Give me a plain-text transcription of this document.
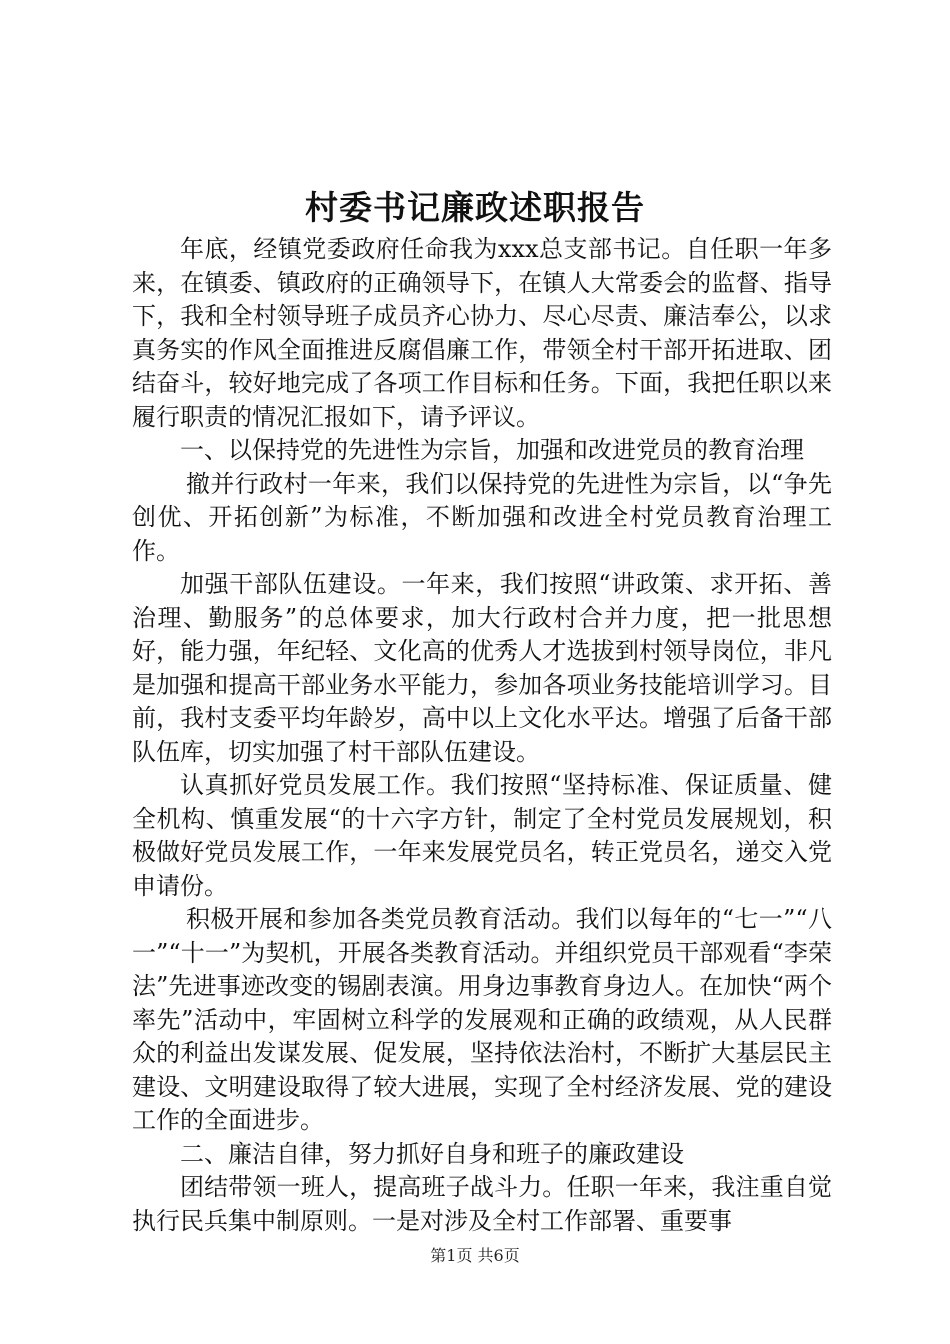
村委书记廉政述职报告

年底，经镇党委政府任命我为xxx总支部书记。自任职一年多来，在镇委、镇政府的正确领导下，在镇人大常委会的监督、指导下，我和全村领导班子成员齐心协力、尽心尽责、廉洁奉公，以求真务实的作风全面推进反腐倡廉工作，带领全村干部开拓进取、团结奋斗，较好地完成了各项工作目标和任务。下面，我把任职以来履行职责的情况汇报如下，请予评议。

一、以保持党的先进性为宗旨，加强和改进党员的教育治理

撤并行政村一年来，我们以保持党的先进性为宗旨，以“争先创优、开拓创新”为标准，不断加强和改进全村党员教育治理工作。

加强干部队伍建设。一年来，我们按照“讲政策、求开拓、善治理、勤服务”的总体要求，加大行政村合并力度，把一批思想好，能力强，年纪轻、文化高的优秀人才选拔到村领导岗位，非凡是加强和提高干部业务水平能力，参加各项业务技能培训学习。目前，我村支委平均年龄岁，高中以上文化水平达。增强了后备干部队伍库，切实加强了村干部队伍建设。

认真抓好党员发展工作。我们按照“坚持标准、保证质量、健全机构、慎重发展“的十六字方针，制定了全村党员发展规划，积极做好党员发展工作，一年来发展党员名，转正党员名，递交入党申请份。

积极开展和参加各类党员教育活动。我们以每年的“七一”“八一”“十一”为契机，开展各类教育活动。并组织党员干部观看“李荣法”先进事迹改变的锡剧表演。用身边事教育身边人。在加快“两个率先”活动中，牢固树立科学的发展观和正确的政绩观，从人民群众的利益出发谋发展、促发展，坚持依法治村，不断扩大基层民主建设、文明建设取得了较大进展，实现了全村经济发展、党的建设工作的全面进步。

二、廉洁自律，努力抓好自身和班子的廉政建设

团结带领一班人，提高班子战斗力。任职一年来，我注重自觉执行民兵集中制原则。一是对涉及全村工作部署、重要事

第1页 共6页
